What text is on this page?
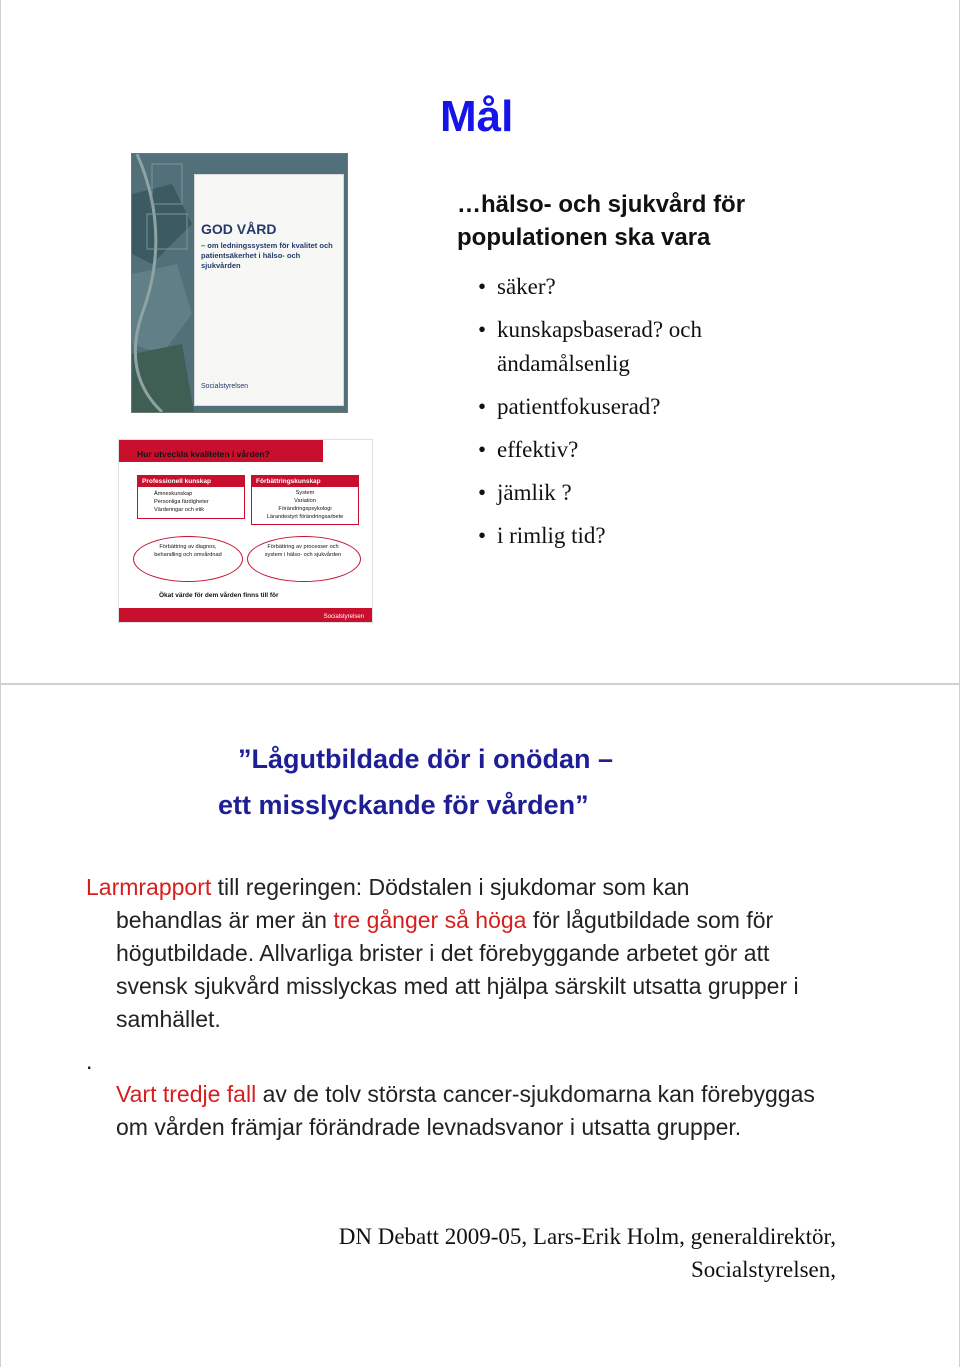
Mål
…hälso- och sjukvård för populationen ska vara
• säker?
• kunskapsbaserad? och ändamålsenlig
• patientfokuserad?
• effektiv?
• jämlik ?
• i rimlig tid?
GOD VÅRD
– om ledningssystem för kvalitet och patientsäkerhet i hälso- och sjukvården
Socialstyrelsen
Hur utveckla kvaliteten i vården?
Professionell kunskap
Ämneskunskap
Personliga färdigheter
Värderingar och etik
Förbättringskunskap
System
Variation
Förändringspsykologi
Lärandestyrt förändringsarbete
Förbättring av diagnos, behandling och omvårdnad
Förbättring av processer och system i hälso- och sjukvården
Ökat värde för dem vården finns till för
Socialstyrelsen
”Lågutbildade dör i onödan –
ett misslyckande för vården”
Larmrapport till regeringen: Dödstalen i sjukdomar som kan
behandlas är mer än tre gånger så höga för lågutbildade som för högutbildade. Allvarliga brister i det förebyggande arbetet gör att svensk sjukvård misslyckas med att hjälpa särskilt utsatta grupper i samhället.
.
Vart tredje fall av de tolv största cancer-sjukdomarna kan förebyggas om vården främjar förändrade levnadsvanor i utsatta grupper.
DN Debatt 2009-05, Lars-Erik Holm, generaldirektör, Socialstyrelsen,
